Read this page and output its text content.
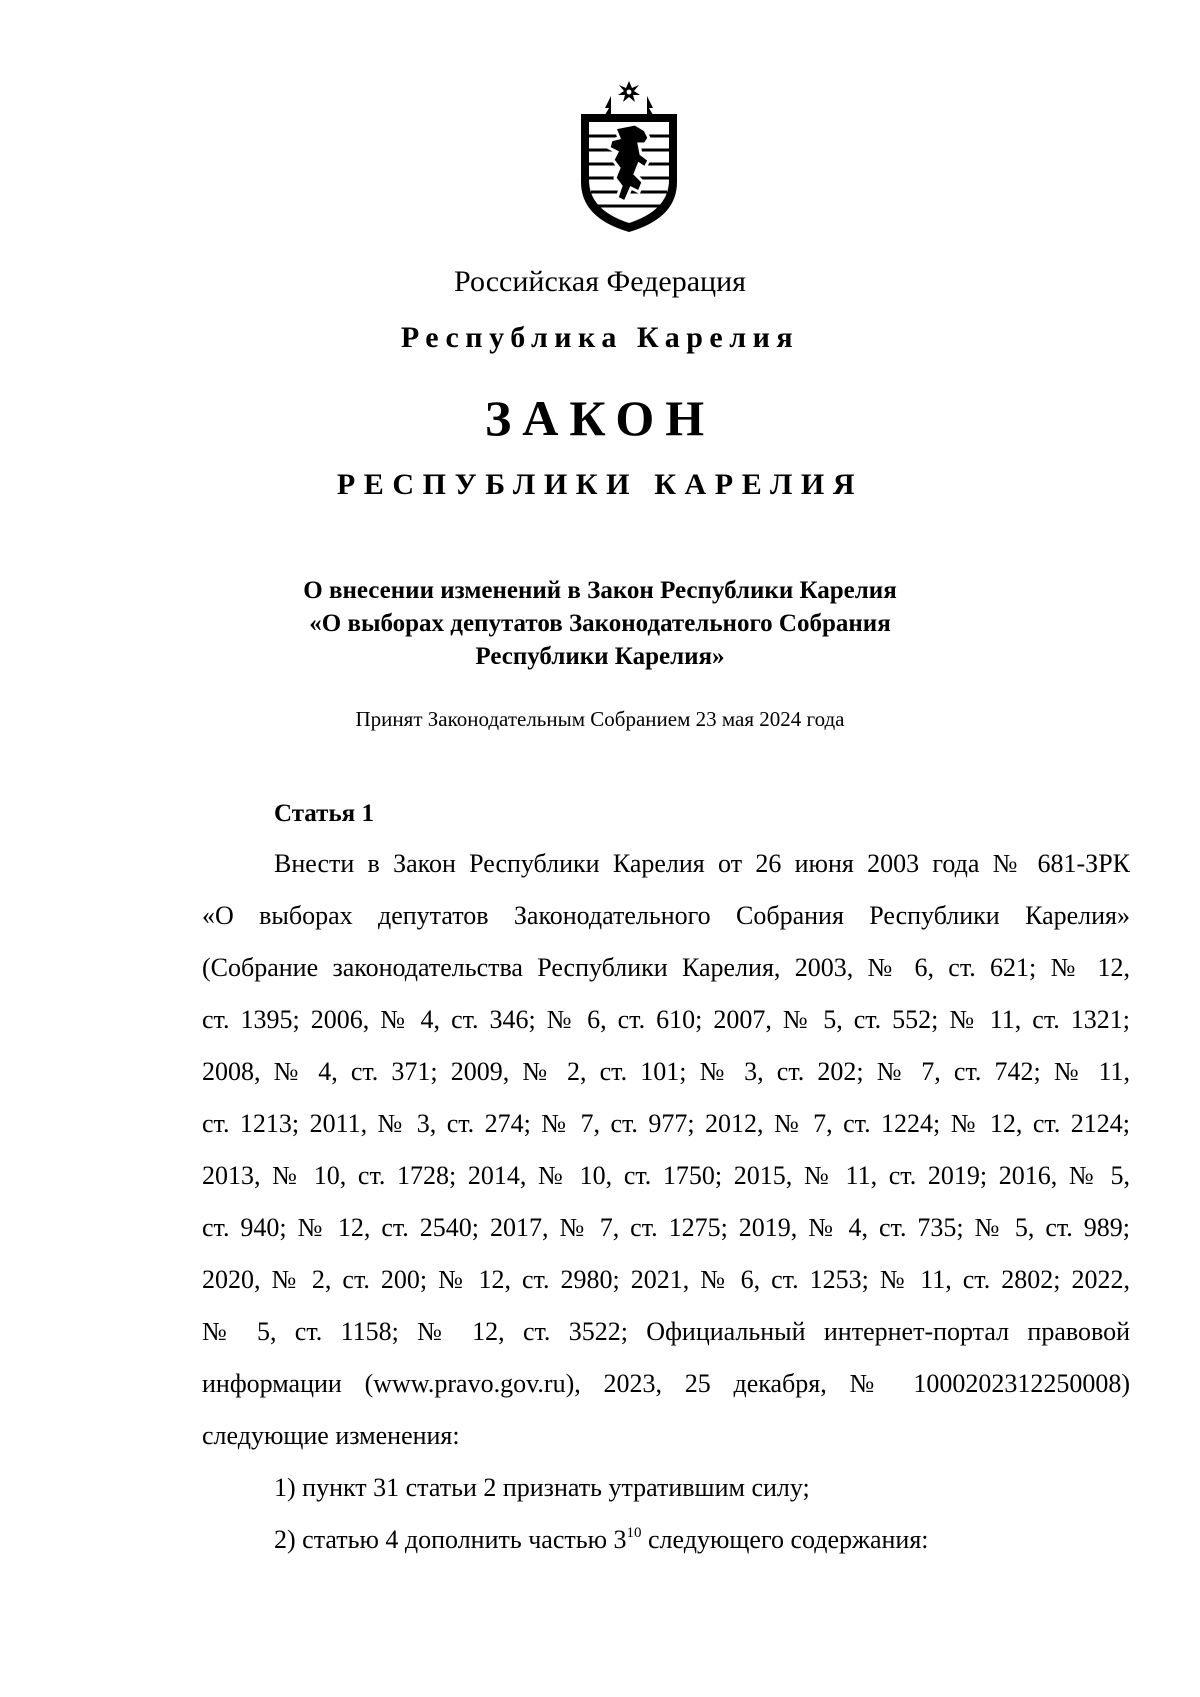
Российская Федерация
Республика Карелия
ЗАКОН
РЕСПУБЛИКИ КАРЕЛИЯ
О внесении изменений в Закон Республики Карелия
«О выборах депутатов Законодательного Собрания
Республики Карелия»
Принят Законодательным Собранием 23 мая 2024 года
Статья 1
Внести в Закон Республики Карелия от 26 июня 2003 года № 681-ЗРК
«О выборах депутатов Законодательного Собрания Республики Карелия»
(Собрание законодательства Республики Карелия, 2003, № 6, ст. 621; № 12,
ст. 1395; 2006, № 4, ст. 346; № 6, ст. 610; 2007, № 5, ст. 552; № 11, ст. 1321;
2008, № 4, ст. 371; 2009, № 2, ст. 101; № 3, ст. 202; № 7, ст. 742; № 11,
ст. 1213; 2011, № 3, ст. 274; № 7, ст. 977; 2012, № 7, ст. 1224; № 12, ст. 2124;
2013, № 10, ст. 1728; 2014, № 10, ст. 1750; 2015, № 11, ст. 2019; 2016, № 5,
ст. 940; № 12, ст. 2540; 2017, № 7, ст. 1275; 2019, № 4, ст. 735; № 5, ст. 989;
2020, № 2, ст. 200; № 12, ст. 2980; 2021, № 6, ст. 1253; № 11, ст. 2802; 2022,
№ 5, ст. 1158; № 12, ст. 3522; Официальный интернет-портал правовой
информации (www.pravo.gov.ru), 2023, 25 декабря, № 1000202312250008)
следующие изменения:
1) пункт 31 статьи 2 признать утратившим силу;
2) статью 4 дополнить частью $3^{10}$ следующего содержания:
